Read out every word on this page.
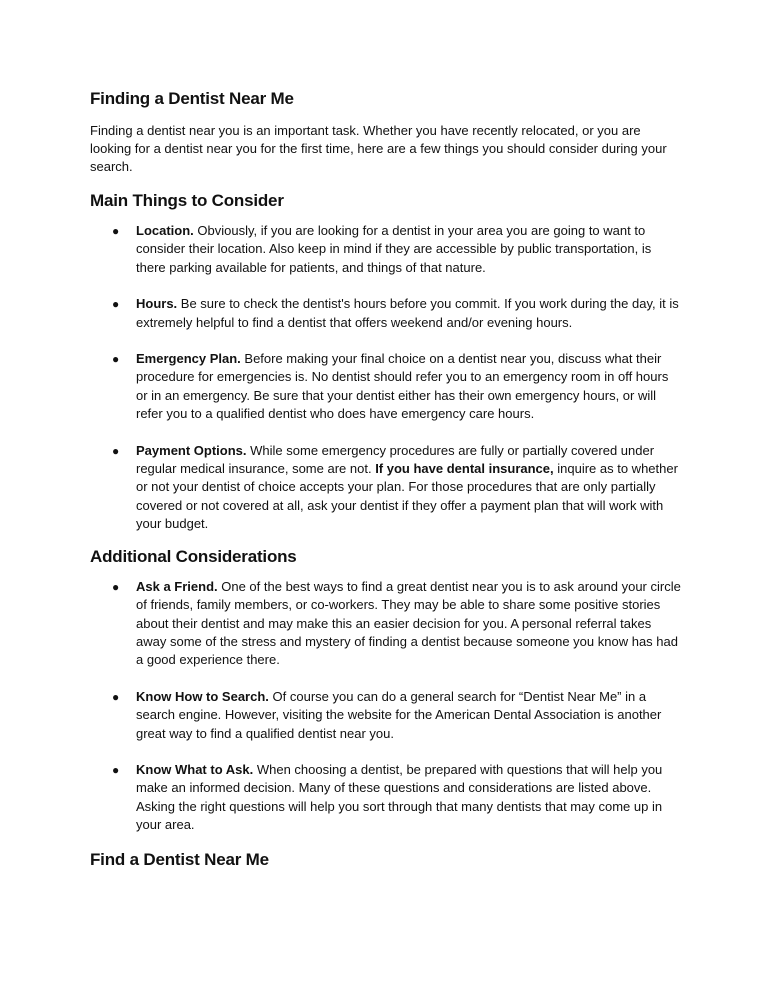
Finding a Dentist Near Me

Finding a dentist near you is an important task. Whether you have recently relocated, or you are looking for a dentist near you for the first time, here are a few things you should consider during your search.

Main Things to Consider
● Location. Obviously, if you are looking for a dentist in your area you are going to want to consider their location. Also keep in mind if they are accessible by public transportation, is there parking available for patients, and things of that nature.
● Hours. Be sure to check the dentist's hours before you commit. If you work during the day, it is extremely helpful to find a dentist that offers weekend and/or evening hours.
● Emergency Plan. Before making your final choice on a dentist near you, discuss what their procedure for emergencies is. No dentist should refer you to an emergency room in off hours or in an emergency. Be sure that your dentist either has their own emergency hours, or will refer you to a qualified dentist who does have emergency care hours.
● Payment Options. While some emergency procedures are fully or partially covered under regular medical insurance, some are not. If you have dental insurance, inquire as to whether or not your dentist of choice accepts your plan. For those procedures that are only partially covered or not covered at all, ask your dentist if they offer a payment plan that will work with your budget.
Additional Considerations
● Ask a Friend. One of the best ways to find a great dentist near you is to ask around your circle of friends, family members, or co-workers. They may be able to share some positive stories about their dentist and may make this an easier decision for you. A personal referral takes away some of the stress and mystery of finding a dentist because someone you know has had a good experience there.
● Know How to Search. Of course you can do a general search for “Dentist Near Me” in a search engine. However, visiting the website for the American Dental Association is another great way to find a qualified dentist near you.
● Know What to Ask. When choosing a dentist, be prepared with questions that will help you make an informed decision. Many of these questions and considerations are listed above. Asking the right questions will help you sort through that many dentists that may come up in your area.
Find a Dentist Near Me
